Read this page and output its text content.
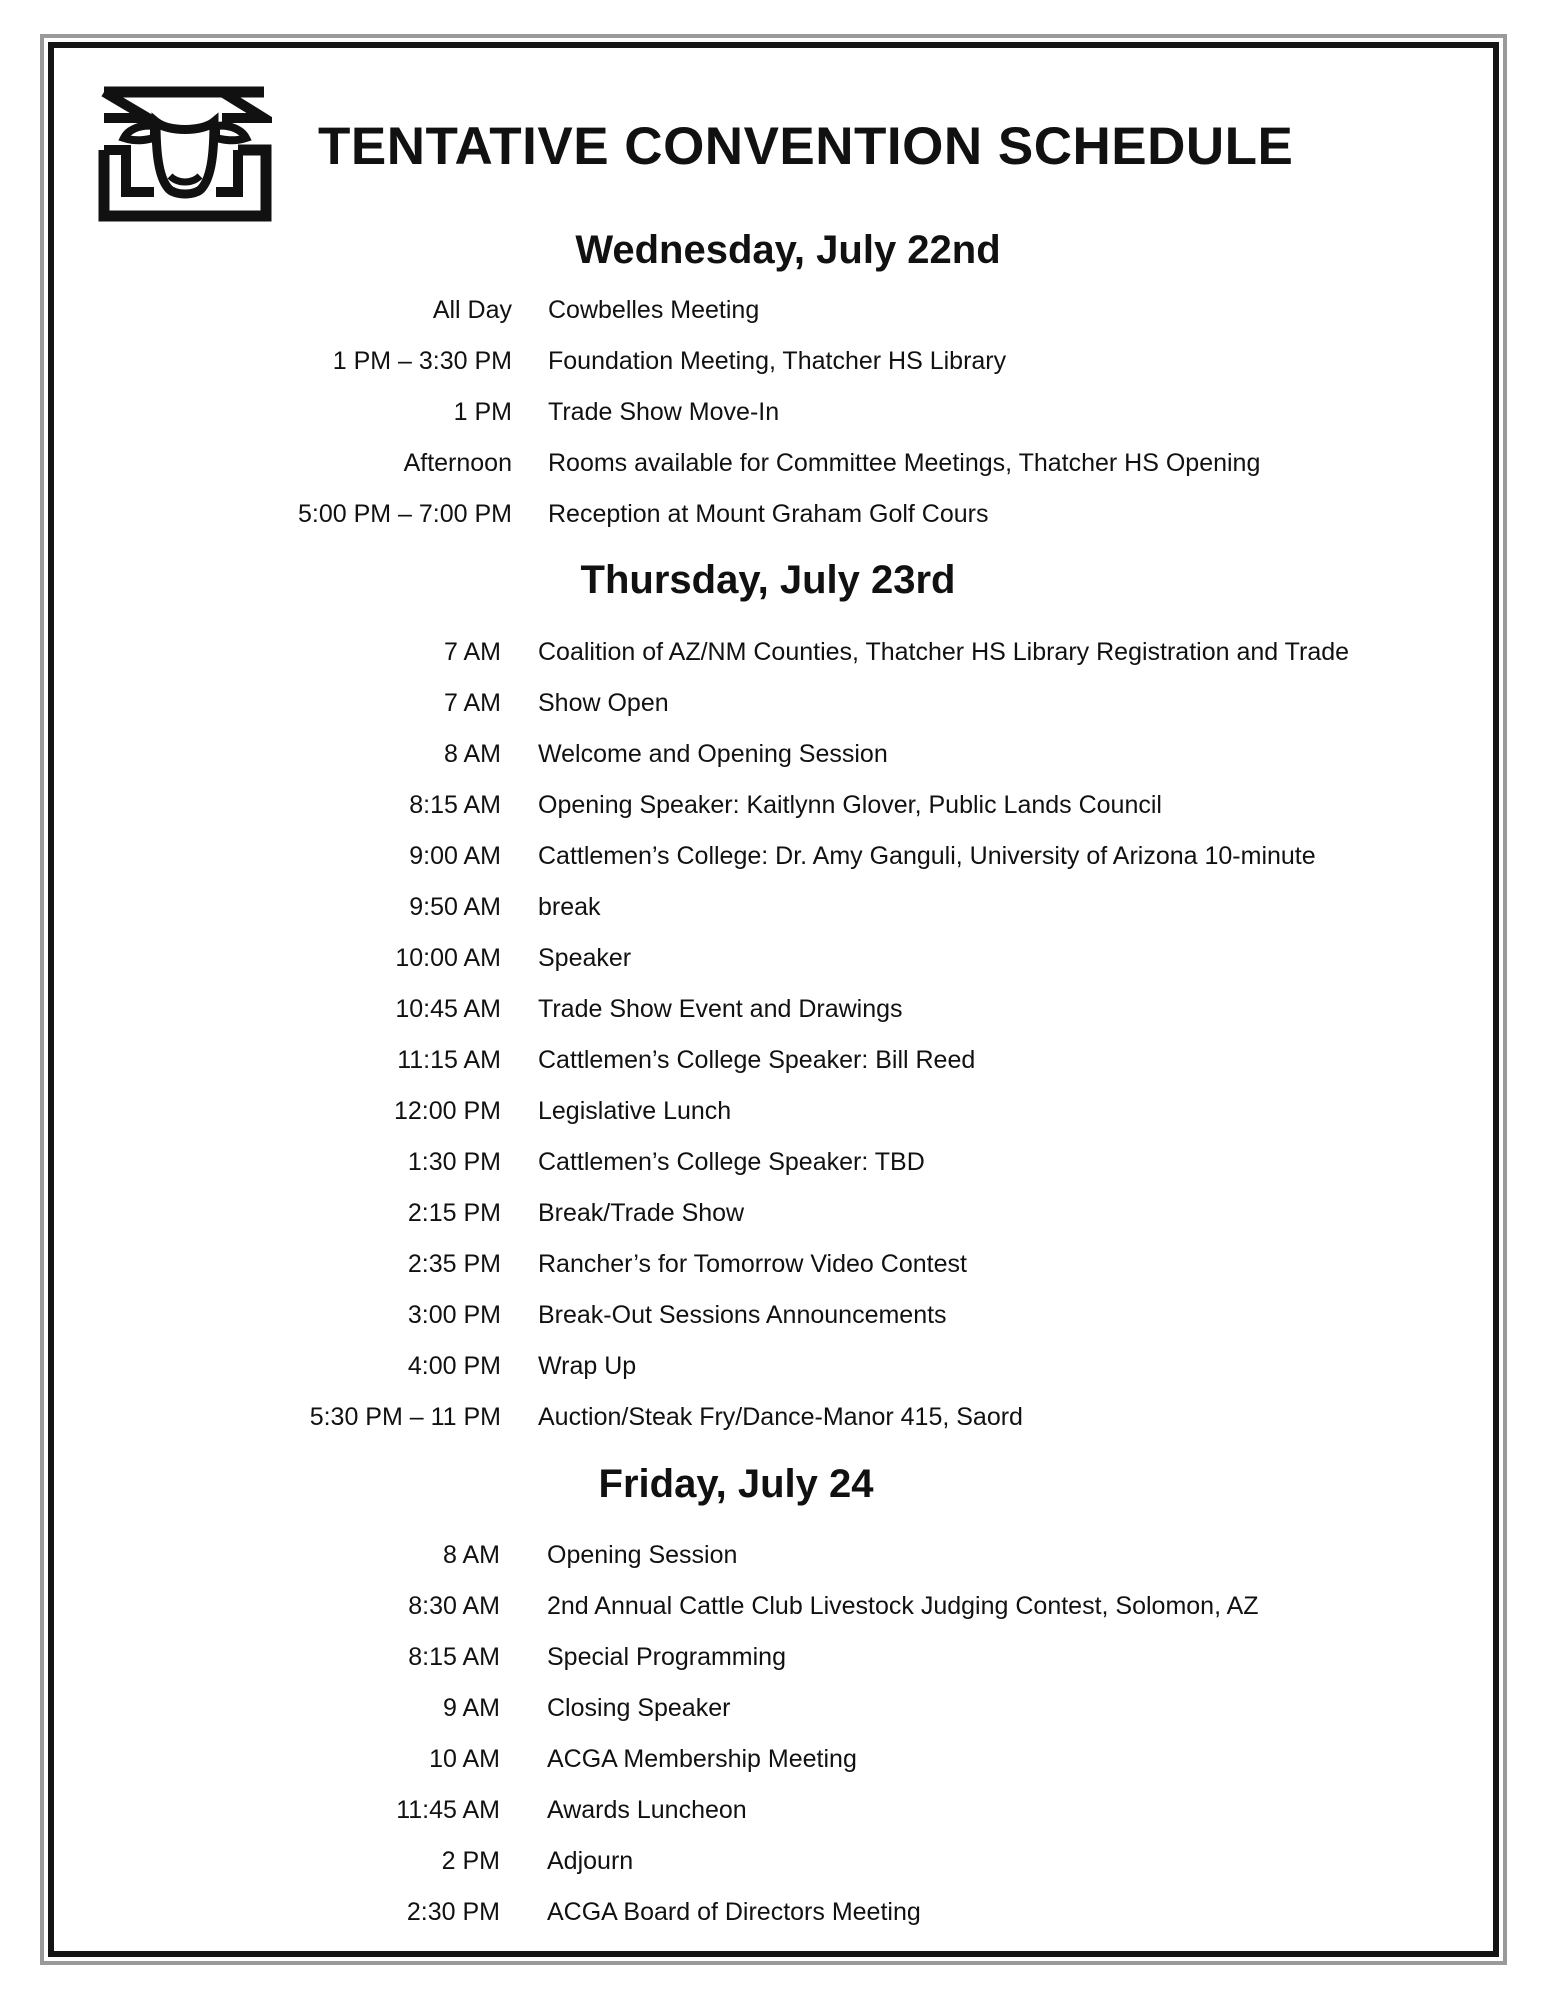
TENTATIVE CONVENTION SCHEDULE
Wednesday, July 22nd
All Day Cowbelles Meeting
1 PM – 3:30 PM Foundation Meeting, Thatcher HS Library
1 PM Trade Show Move-In
Afternoon Rooms available for Committee Meetings, Thatcher HS Opening
5:00 PM – 7:00 PM Reception at Mount Graham Golf Cours
Thursday, July 23rd
7 AM Coalition of AZ/NM Counties, Thatcher HS Library Registration and Trade
7 AM Show Open
8 AM Welcome and Opening Session
8:15 AM Opening Speaker: Kaitlynn Glover, Public Lands Council
9:00 AM Cattlemen’s College: Dr. Amy Ganguli, University of Arizona 10-minute
9:50 AM break
10:00 AM Speaker
10:45 AM Trade Show Event and Drawings
11:15 AM Cattlemen’s College Speaker: Bill Reed
12:00 PM Legislative Lunch
1:30 PM Cattlemen’s College Speaker: TBD
2:15 PM Break/Trade Show
2:35 PM Rancher’s for Tomorrow Video Contest
3:00 PM Break-Out Sessions Announcements
4:00 PM Wrap Up
5:30 PM – 11 PM Auction/Steak Fry/Dance-Manor 415, Saord
Friday, July 24
8 AM Opening Session
8:30 AM 2nd Annual Cattle Club Livestock Judging Contest, Solomon, AZ
8:15 AM Special Programming
9 AM Closing Speaker
10 AM ACGA Membership Meeting
11:45 AM Awards Luncheon
2 PM Adjourn
2:30 PM ACGA Board of Directors Meeting
